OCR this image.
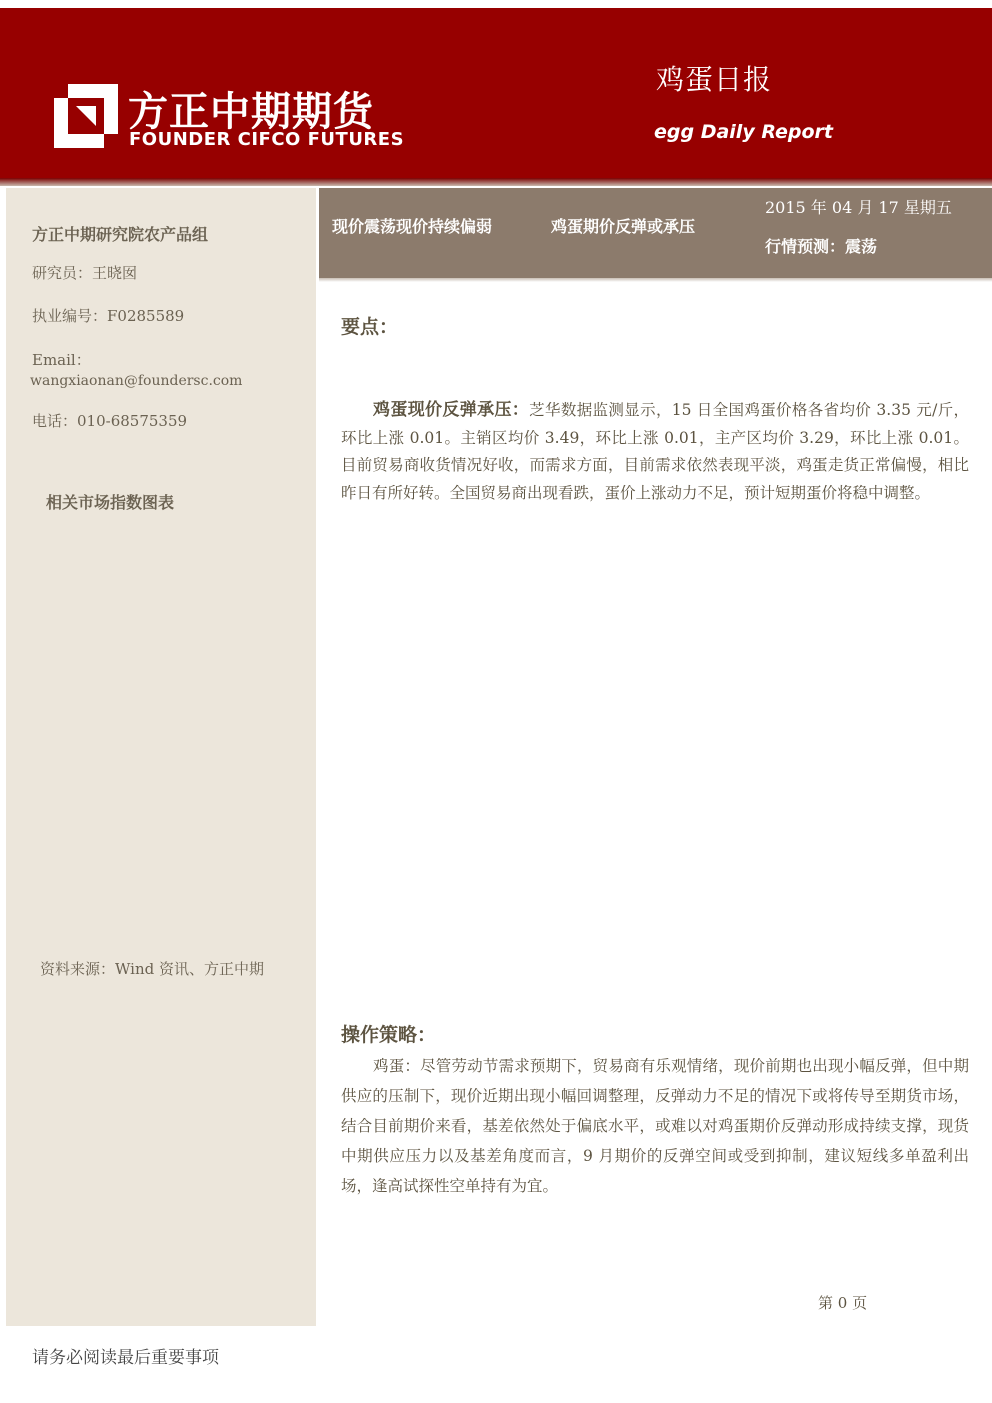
方正中期期货
FOUNDER CIFCO FUTURES
鸡蛋日报
egg Daily Report
方正中期研究院农产品组
研究员：王晓囡
执业编号：F0285589
Email：
wangxiaonan@foundersc.com
电话：010-68575359
相关市场指数图表
资料来源：Wind 资讯、方正中期
现价震荡现价持续偏弱	鸡蛋期价反弹或承压
2015 年 04 月 17 星期五
行情预测：震荡
要点：
鸡蛋现价反弹承压：芝华数据监测显示，15 日全国鸡蛋价格各省均价 3.35 元/斤，环比上涨 0.01。主销区均价 3.49，环比上涨 0.01，主产区均价 3.29，环比上涨 0.01。目前贸易商收货情况好收，而需求方面，目前需求依然表现平淡，鸡蛋走货正常偏慢，相比昨日有所好转。全国贸易商出现看跌，蛋价上涨动力不足，预计短期蛋价将稳中调整。
操作策略：
鸡蛋：尽管劳动节需求预期下，贸易商有乐观情绪，现价前期也出现小幅反弹，但中期供应的压制下，现价近期出现小幅回调整理，反弹动力不足的情况下或将传导至期货市场，结合目前期价来看，基差依然处于偏底水平，或难以对鸡蛋期价反弹动形成持续支撑，现货中期供应压力以及基差角度而言，9 月期价的反弹空间或受到抑制，建议短线多单盈利出场，逢高试探性空单持有为宜。
第 0 页
请务必阅读最后重要事项
